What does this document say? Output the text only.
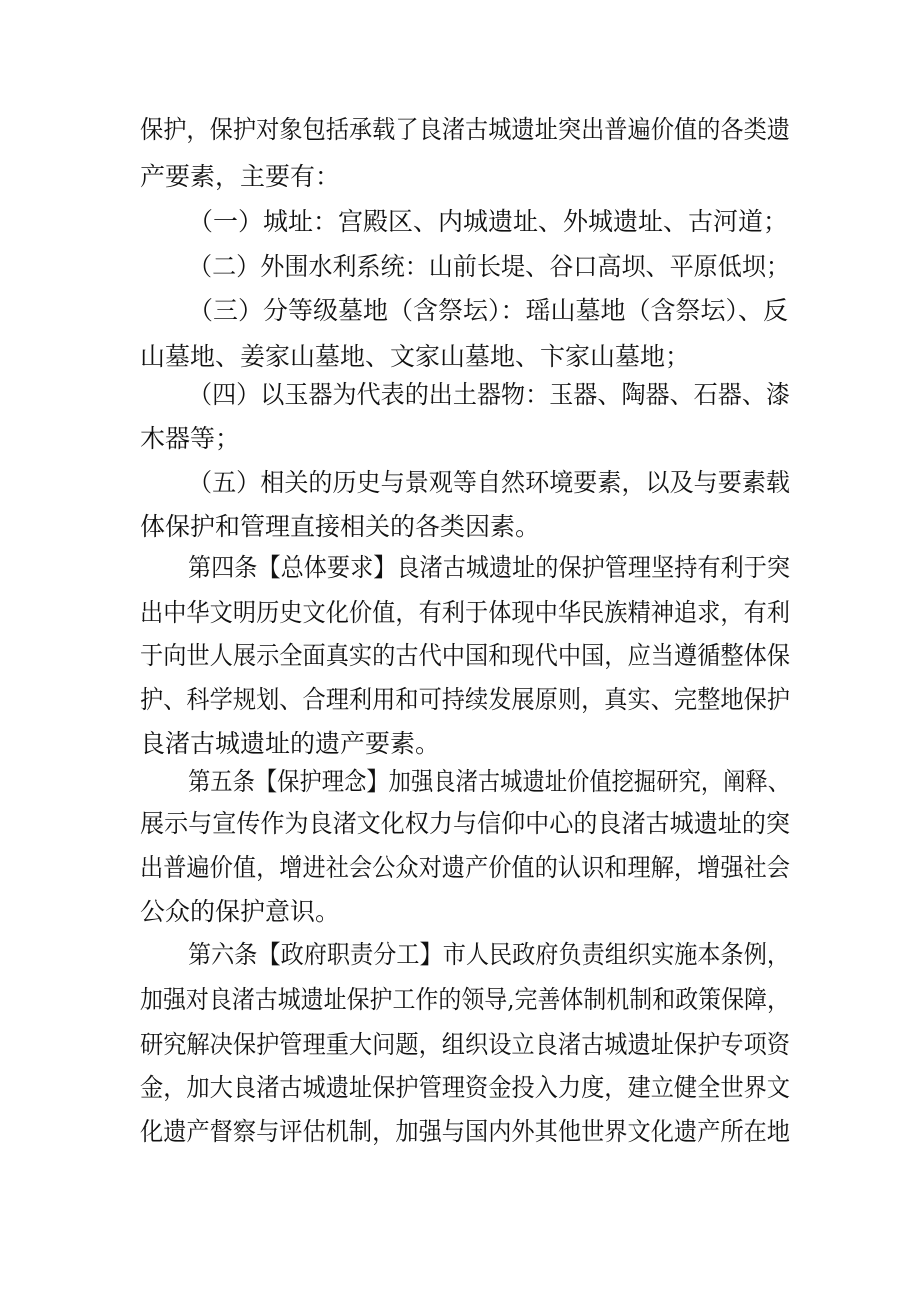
保护，保护对象包括承载了良渚古城遗址突出普遍价值的各类遗
产要素，主要有：
（一）城址：宫殿区、内城遗址、外城遗址、古河道；
（二）外围水利系统：山前长堤、谷口高坝、平原低坝；
（三）分等级墓地（含祭坛）：瑶山墓地（含祭坛）、反
山墓地、姜家山墓地、文家山墓地、卞家山墓地；
（四）以玉器为代表的出土器物：玉器、陶器、石器、漆
木器等；
（五）相关的历史与景观等自然环境要素，以及与要素载
体保护和管理直接相关的各类因素。
第四条【总体要求】良渚古城遗址的保护管理坚持有利于突
出中华文明历史文化价值，有利于体现中华民族精神追求，有利
于向世人展示全面真实的古代中国和现代中国，应当遵循整体保
护、科学规划、合理利用和可持续发展原则，真实、完整地保护
良渚古城遗址的遗产要素。
第五条【保护理念】加强良渚古城遗址价值挖掘研究，阐释、
展示与宣传作为良渚文化权力与信仰中心的良渚古城遗址的突
出普遍价值，增进社会公众对遗产价值的认识和理解，增强社会
公众的保护意识。
第六条【政府职责分工】市人民政府负责组织实施本条例，
加强对良渚古城遗址保护工作的领导,完善体制机制和政策保障，
研究解决保护管理重大问题，组织设立良渚古城遗址保护专项资
金，加大良渚古城遗址保护管理资金投入力度，建立健全世界文
化遗产督察与评估机制，加强与国内外其他世界文化遗产所在地
